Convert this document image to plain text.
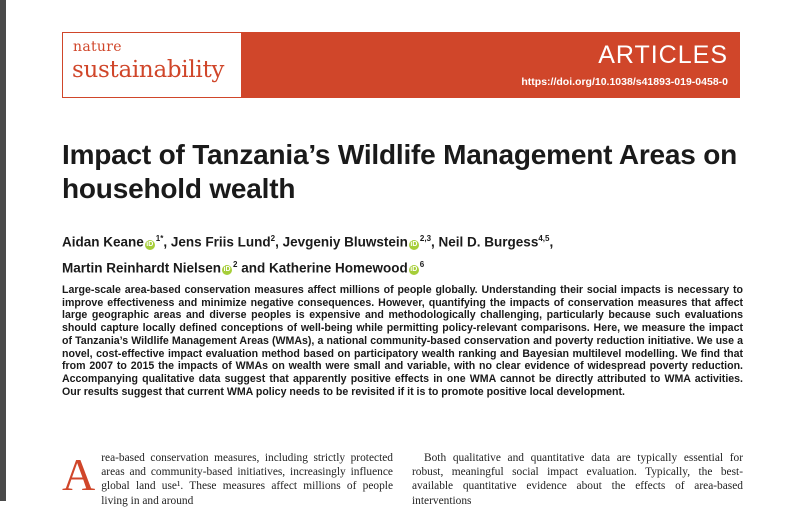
nature
sustainability
ARTICLES
https://doi.org/10.1038/s41893-019-0458-0
Impact of Tanzania’s Wildlife Management Areas on household wealth
Aidan Keane $iD^{1*}$, Jens Friis Lund$^2$, Jevgeniy Bluwstein iD$^{2,3}$, Neil D. Burgess$^{4,5}$,
Martin Reinhardt Nielsen $iD^2$ and Katherine Homewood $iD^6$

Large-scale area-based conservation measures affect millions of people globally. Understanding their social impacts is necessary to improve effectiveness and minimize negative consequences. However, quantifying the impacts of conservation measures that affect large geographic areas and diverse peoples is expensive and methodologically challenging, particularly because such evaluations should capture locally defined conceptions of well-being while permitting policy-relevant comparisons. Here, we measure the impact of Tanzania’s Wildlife Management Areas (WMAs), a national community-based conservation and poverty reduction initiative. We use a novel, cost-effective impact evaluation method based on participatory wealth ranking and Bayesian multilevel modelling. We find that from 2007 to 2015 the impacts of WMAs on wealth were small and variable, with no clear evidence of widespread poverty reduction. Accompanying qualitative data suggest that apparently positive effects in one WMA cannot be directly attributed to WMA activities. Our results suggest that current WMA policy needs to be revisited if it is to promote positive local development.

Area-based conservation measures, including strictly protected areas and community-based initiatives, increasingly influence global land use¹. These measures affect millions of people living in and around

Both qualitative and quantitative data are typically essential for robust, meaningful social impact evaluation. Typically, the best-available quantitative evidence about the effects of area-based interventions
